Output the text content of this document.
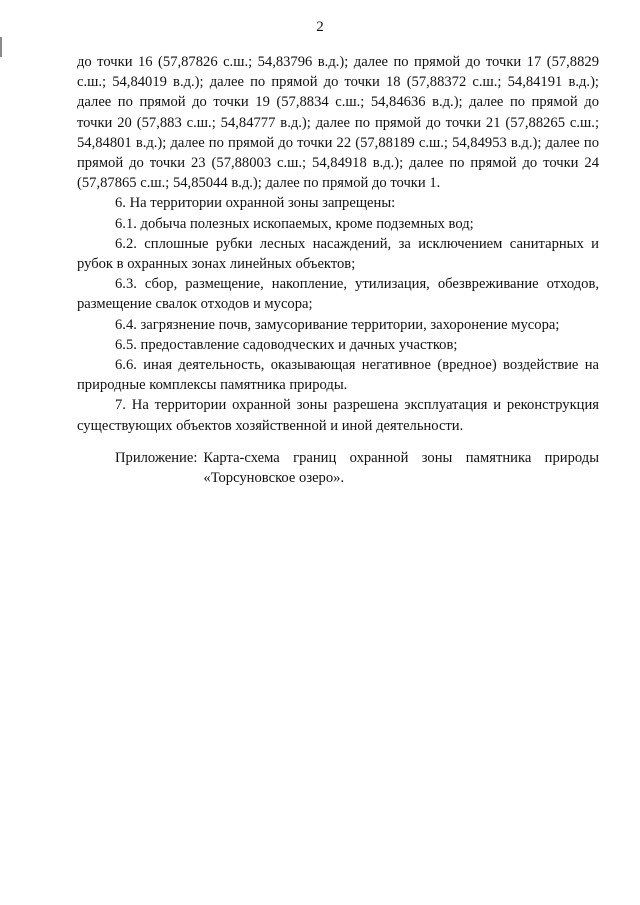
2

до точки 16 (57,87826 с.ш.; 54,83796 в.д.); далее по прямой до точки 17 (57,8829 с.ш.; 54,84019 в.д.); далее по прямой до точки 18 (57,88372 с.ш.; 54,84191 в.д.); далее по прямой до точки 19 (57,8834 с.ш.; 54,84636 в.д.); далее по прямой до точки 20 (57,883 с.ш.; 54,84777 в.д.); далее по прямой до точки 21 (57,88265 с.ш.; 54,84801 в.д.); далее по прямой до точки 22 (57,88189 с.ш.; 54,84953 в.д.); далее по прямой до точки 23 (57,88003 с.ш.; 54,84918 в.д.); далее по прямой до точки 24 (57,87865 с.ш.; 54,85044 в.д.); далее по прямой до точки 1.

6. На территории охранной зоны запрещены:

6.1. добыча полезных ископаемых, кроме подземных вод;

6.2. сплошные рубки лесных насаждений, за исключением санитарных и рубок в охранных зонах линейных объектов;

6.3. сбор, размещение, накопление, утилизация, обезвреживание отходов, размещение свалок отходов и мусора;

6.4. загрязнение почв, замусоривание территории, захоронение мусора;

6.5. предоставление садоводческих и дачных участков;

6.6. иная деятельность, оказывающая негативное (вредное) воздействие на природные комплексы памятника природы.

7. На территории охранной зоны разрешена эксплуатация и реконструкция существующих объектов хозяйственной и иной деятельности.

Приложение: Карта-схема границ охранной зоны памятника природы «Торсуновское озеро».
